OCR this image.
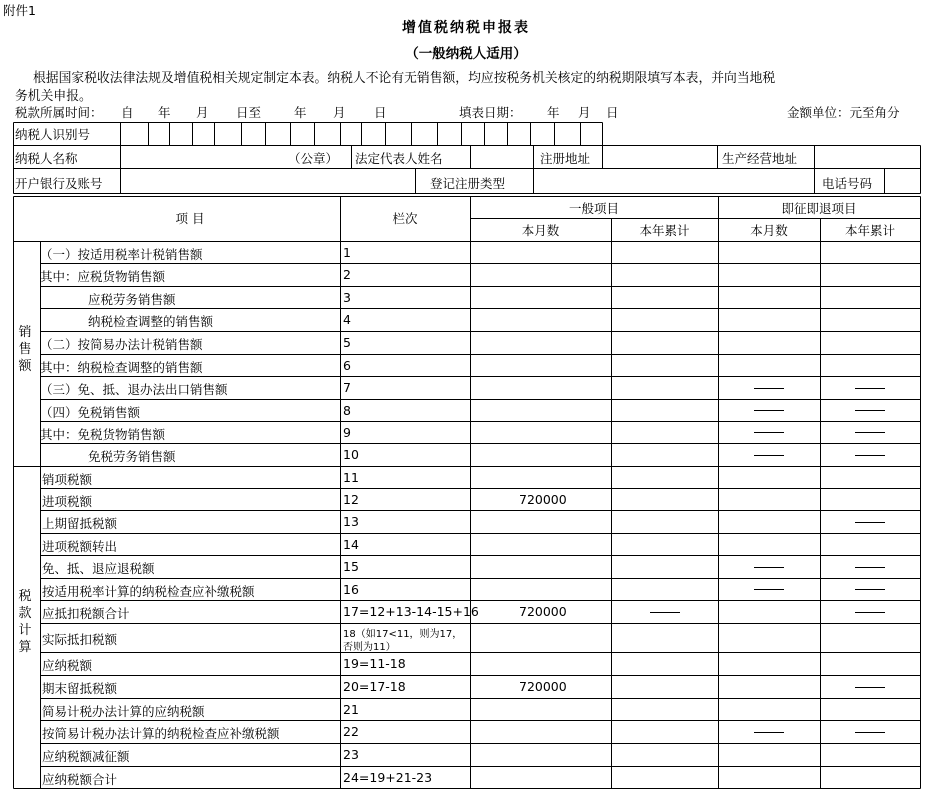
附件1
增值税纳税申报表
（一般纳税人适用）
根据国家税收法律法规及增值税相关规定制定本表。纳税人不论有无销售额，均应按税务机关核定的纳税期限填写本表，并向当地税
务机关申报。
税款所属时间： 自 年 月 日至	年 月 日	填表日期： 年 月 日	金额单位：元至角分
纳税人识别号
纳税人名称	（公章） 法定代表人姓名	注册地址	生产经营地址
开户银行及账号	登记注册类型	电话号码
项 目	栏次
一般项目	即征即退项目
本月数	本年累计	本月数	本年累计
销售额
税款计算
（一）按适用税率计税销售额	1
其中：应税货物销售额	2
应税劳务销售额	3
纳税检查调整的销售额	4
（二）按简易办法计税销售额	5
其中：纳税检查调整的销售额	6
（三）免、抵、退办法出口销售额	7
（四）免税销售额	8
其中：免税货物销售额	9
免税劳务销售额	10
销项税额	11
进项税额	12	720000
上期留抵税额	13
进项税额转出	14
免、抵、退应退税额	15
按适用税率计算的纳税检查应补缴税额	16
应抵扣税额合计	17=12+13-14-15+16	720000
实际抵扣税额	18（如17<11，则为17，
否则为11）
应纳税额	19=11-18
期末留抵税额	20=17-18	720000
简易计税办法计算的应纳税额	21
按简易计税办法计算的纳税检查应补缴税额	22
应纳税额减征额	23
应纳税额合计	24=19+21-23
